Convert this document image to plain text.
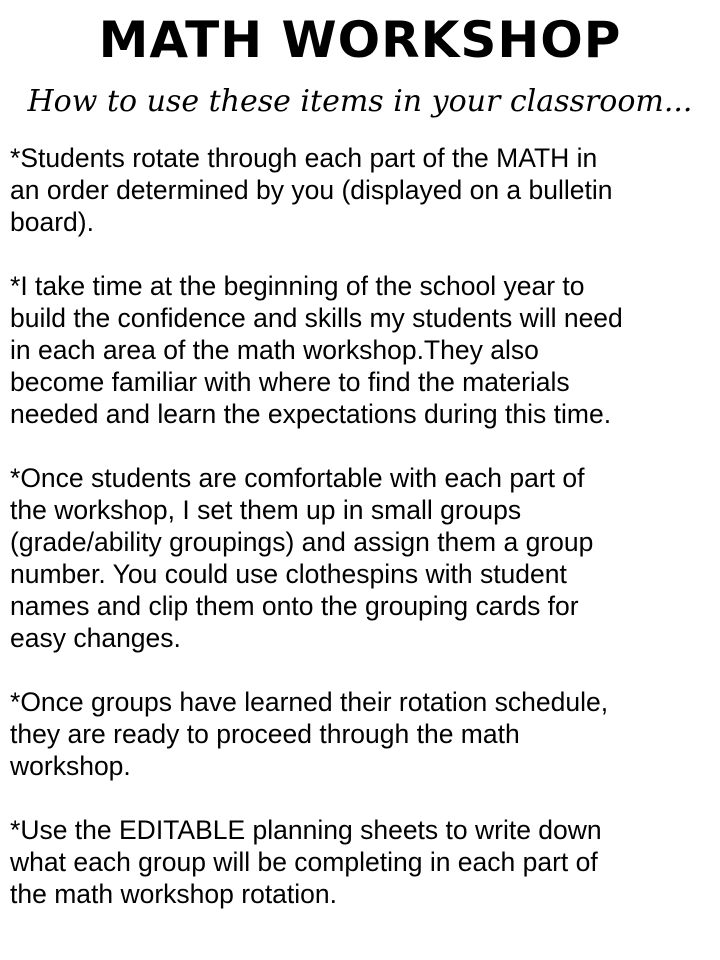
MATH WORKSHOP
How to use these items in your classroom...

*Students rotate through each part of the MATH in
an order determined by you (displayed on a bulletin
board).

*I take time at the beginning of the school year to
build the confidence and skills my students will need
in each area of the math workshop.They also
become familiar with where to find the materials
needed and learn the expectations during this time.

*Once students are comfortable with each part of
the workshop, I set them up in small groups
(grade/ability groupings) and assign them a group
number. You could use clothespins with student
names and clip them onto the grouping cards for
easy changes.

*Once groups have learned their rotation schedule,
they are ready to proceed through the math
workshop.

*Use the EDITABLE planning sheets to write down
what each group will be completing in each part of
the math workshop rotation.
